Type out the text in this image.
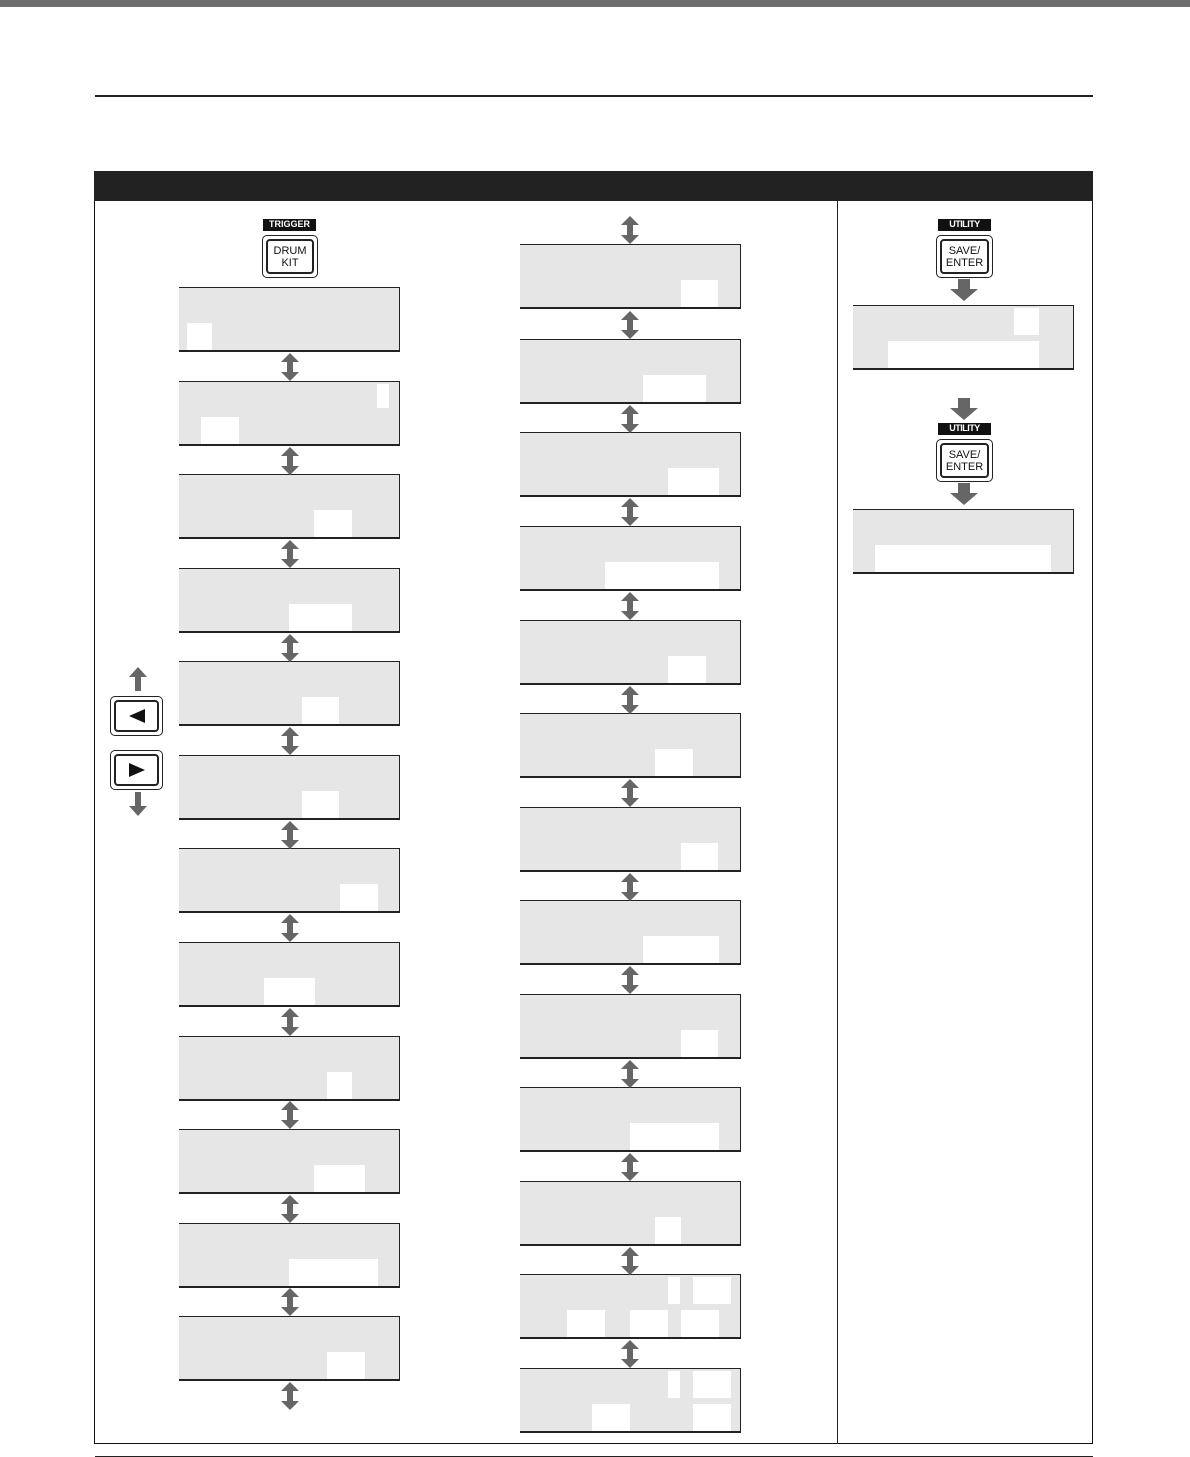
TRIGGER
DRUM
KIT
UTILITY
SAVE/
ENTER
UTILITY
SAVE/
ENTER
